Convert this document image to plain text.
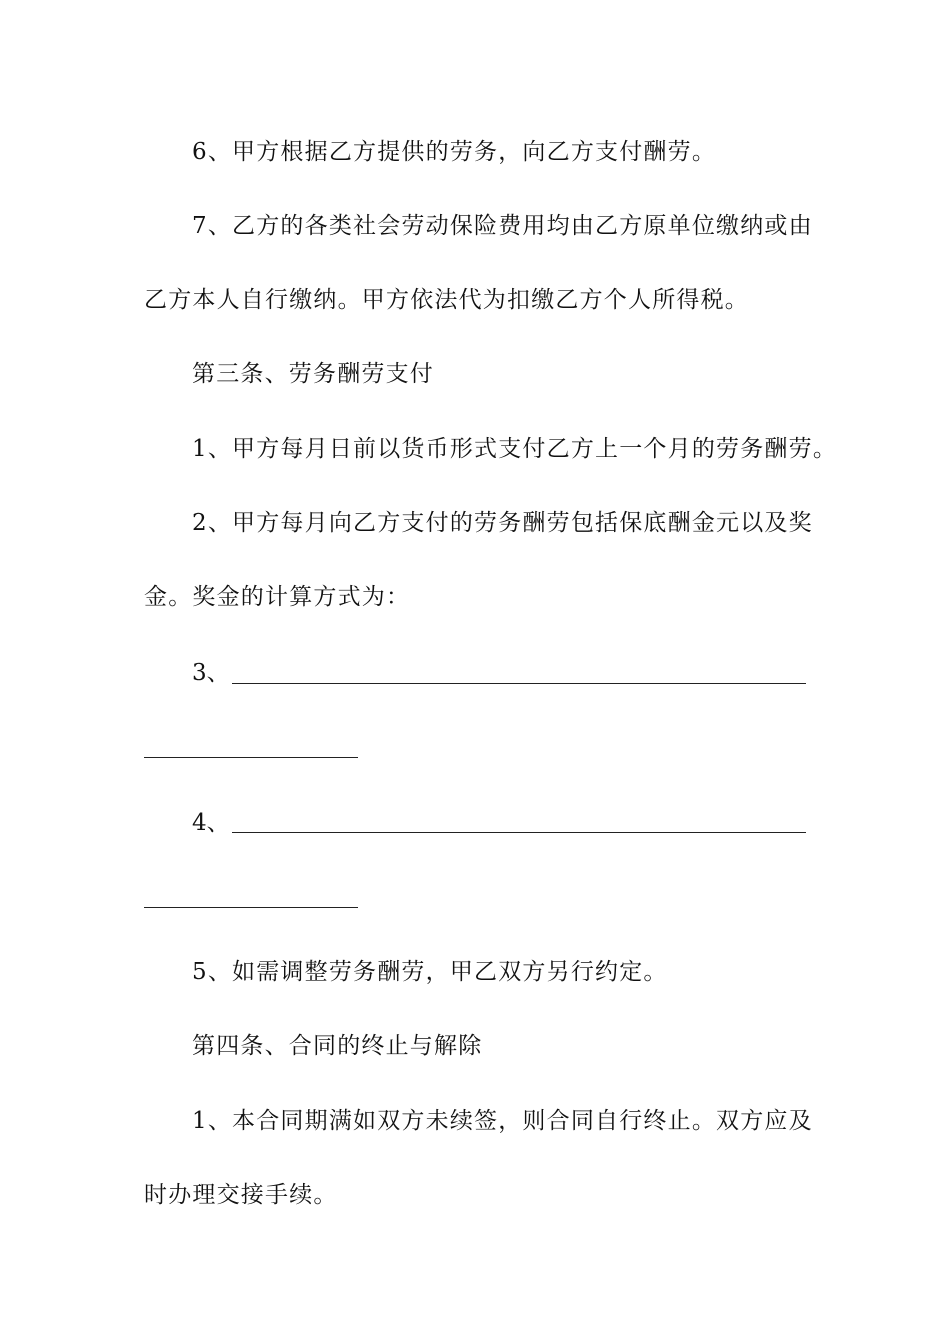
6、甲方根据乙方提供的劳务，向乙方支付酬劳。
7、乙方的各类社会劳动保险费用均由乙方原单位缴纳或由
乙方本人自行缴纳。甲方依法代为扣缴乙方个人所得税。
第三条、劳务酬劳支付
1、甲方每月日前以货币形式支付乙方上一个月的劳务酬劳。
2、甲方每月向乙方支付的劳务酬劳包括保底酬金元以及奖
金。奖金的计算方式为：
3、
4、
5、如需调整劳务酬劳，甲乙双方另行约定。
第四条、合同的终止与解除
1、本合同期满如双方未续签，则合同自行终止。双方应及
时办理交接手续。
